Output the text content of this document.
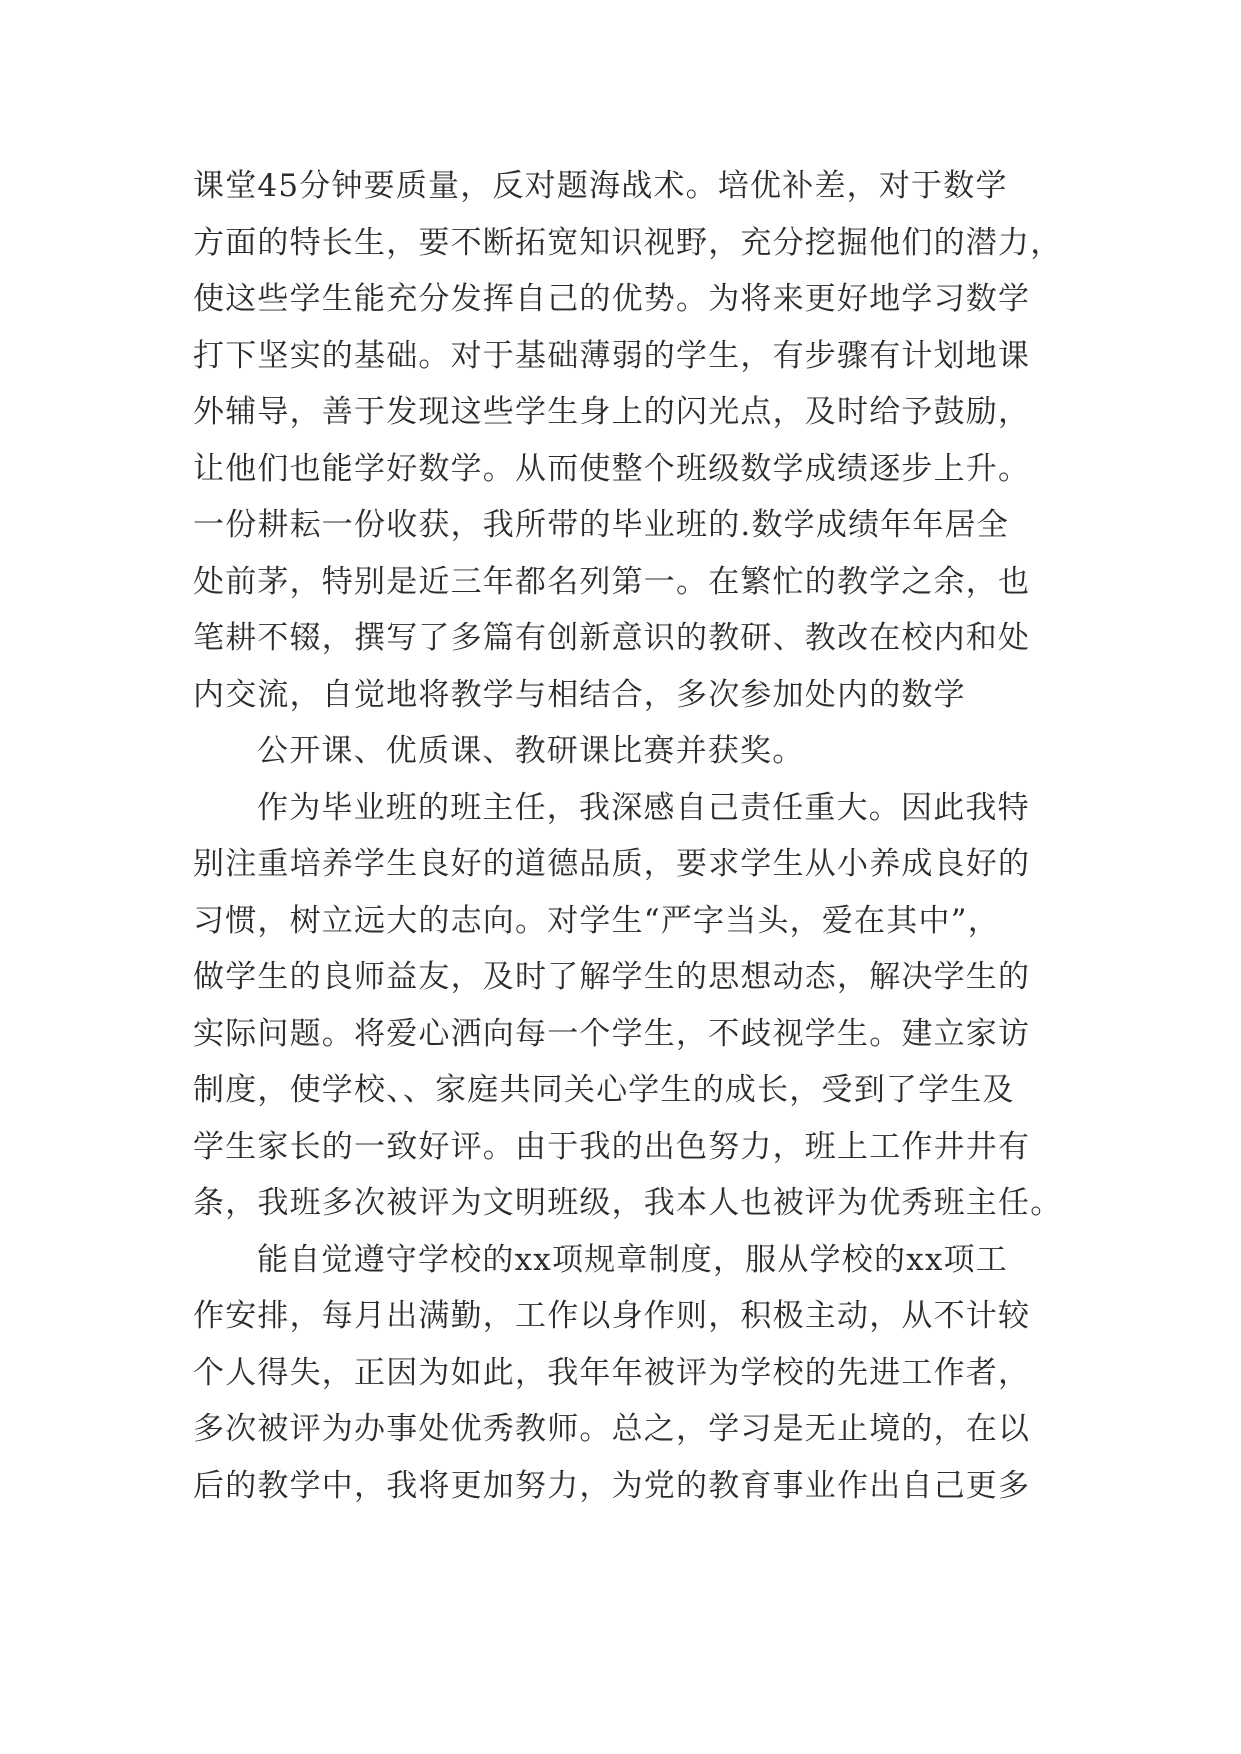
课堂45分钟要质量，反对题海战术。培优补差，对于数学
方面的特长生，要不断拓宽知识视野，充分挖掘他们的潜力，
使这些学生能充分发挥自己的优势。为将来更好地学习数学
打下坚实的基础。对于基础薄弱的学生，有步骤有计划地课
外辅导，善于发现这些学生身上的闪光点，及时给予鼓励，
让他们也能学好数学。从而使整个班级数学成绩逐步上升。
一份耕耘一份收获，我所带的毕业班的.数学成绩年年居全
处前茅，特别是近三年都名列第一。在繁忙的教学之余，也
笔耕不辍，撰写了多篇有创新意识的教研、教改在校内和处
内交流，自觉地将教学与相结合，多次参加处内的数学
公开课、优质课、教研课比赛并获奖。
作为毕业班的班主任，我深感自己责任重大。因此我特
别注重培养学生良好的道德品质，要求学生从小养成良好的
习惯，树立远大的志向。对学生“严字当头，爱在其中”，
做学生的良师益友，及时了解学生的思想动态，解决学生的
实际问题。将爱心洒向每一个学生，不歧视学生。建立家访
制度，使学校、、家庭共同关心学生的成长，受到了学生及
学生家长的一致好评。由于我的出色努力，班上工作井井有
条，我班多次被评为文明班级，我本人也被评为优秀班主任。
能自觉遵守学校的xx项规章制度，服从学校的xx项工
作安排，每月出满勤，工作以身作则，积极主动，从不计较
个人得失，正因为如此，我年年被评为学校的先进工作者，
多次被评为办事处优秀教师。总之，学习是无止境的，在以
后的教学中，我将更加努力，为党的教育事业作出自己更多
